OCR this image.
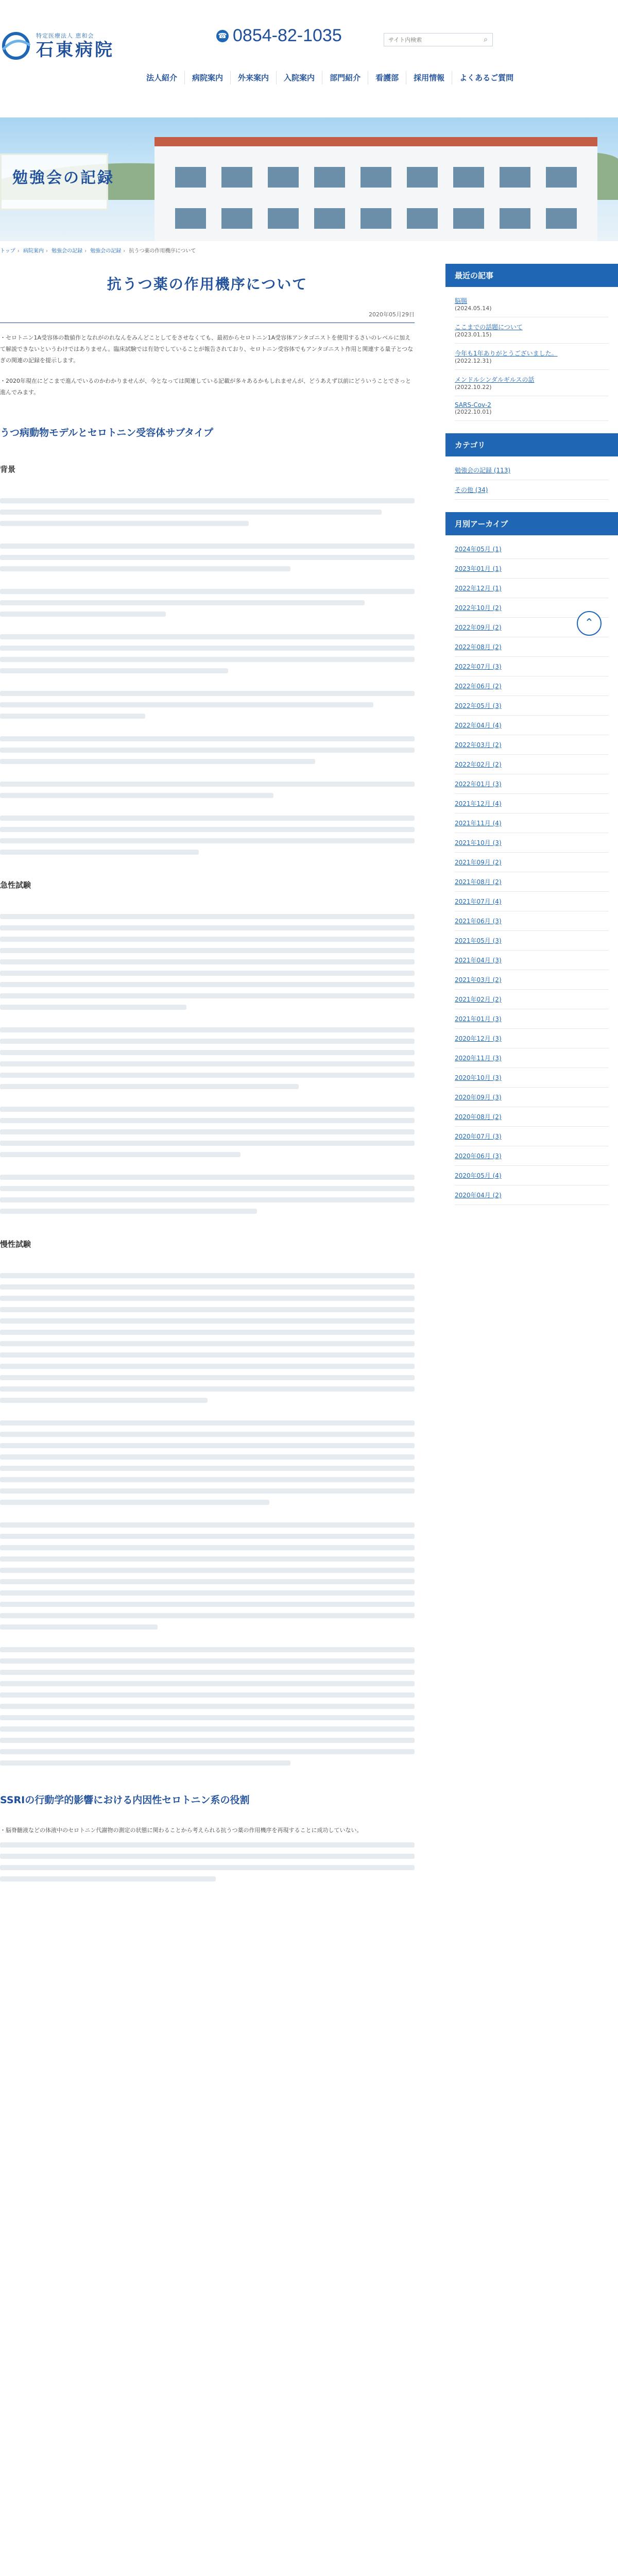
特定医療法人 恵和会
石東病院
☎ 0854-82-1035
サイト内検索	⌕
法人紹介	病院案内	外来案内	入院案内	部門紹介	看護部	採用情報	よくあるご質問
勉強会の記録
トップ › 病院案内 › 勉強会の記録 › 勉強会の記録 › 抗うつ薬の作用機序について
抗うつ薬の作用機序について
2020年05月29日

・セロトニン1A受容体の数値作となれがのれなんをみんどことしてをさせなくても、最初からセロトニン1A受容体アンタゴニストを使用するさいのレベルに加えて解説できないというわけではありません。臨床試験では有効でしていることが報告されており、セロトニン受容体でもアンタゴニスト作用と関連する量子とつなぎの関連の記録を提示します。

・2020年現在にどこまで進んでいるのかわかりませんが、今となっては関連している記載が多々あるかもしれませんが、どうあえず以前にどういうことでさっと進んでみます。

うつ病動物モデルとセロトニン受容体サブタイプ
背景
急性試験
慢性試験
SSRIの行動学的影響における内因性セロトニン系の役割

・脳脊髄液などの体液中のセロトニン代謝物の測定の状態に関わることから考えられる抗うつ薬の作用機序を再現することに成功していない。

最近の記事
脳腸
(2024.05.14)
ここまでの話題について
(2023.01.15)
今年も1年ありがとうございました。
(2022.12.31)
メンドルシンダルギルスの話
(2022.10.22)
SARS-Cov-2
(2022.10.01)
カテゴリ
勉強会の記録 (113)
その他 (34)
月別アーカイブ
2024年05月 (1)
2023年01月 (1)
2022年12月 (1)
2022年10月 (2)
2022年09月 (2)
2022年08月 (2)
2022年07月 (3)
2022年06月 (2)
2022年05月 (3)
2022年04月 (4)
2022年03月 (2)
2022年02月 (2)
2022年01月 (3)
2021年12月 (4)
2021年11月 (4)
2021年10月 (3)
2021年09月 (2)
2021年08月 (2)
2021年07月 (4)
2021年06月 (3)
2021年05月 (3)
2021年04月 (3)
2021年03月 (2)
2021年02月 (2)
2021年01月 (3)
2020年12月 (3)
2020年11月 (3)
2020年10月 (3)
2020年09月 (3)
2020年08月 (2)
2020年07月 (3)
2020年06月 (3)
2020年05月 (4)
2020年04月 (2)
⌃
